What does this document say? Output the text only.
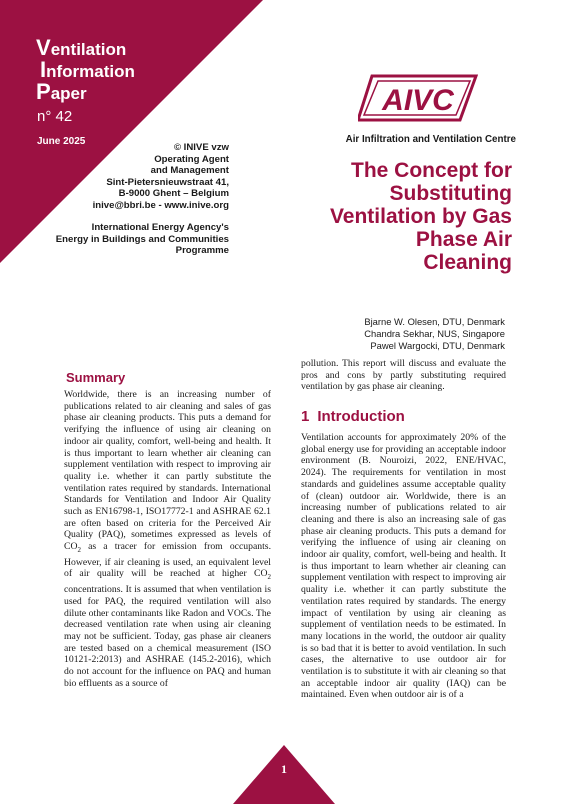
Ventilation
Information
Paper
n° 42
June 2025
© INIVE vzw
Operating Agent
and Management
Sint-Pietersnieuwstraat 41,
B-9000 Ghent – Belgium
inive@bbri.be - www.inive.org
International Energy Agency's
Energy in Buildings and Communities
Programme
AIVC
Air Infiltration and Ventilation Centre
The Concept for
Substituting
Ventilation by Gas
Phase Air
Cleaning
Bjarne W. Olesen, DTU, Denmark
Chandra Sekhar, NUS, Singapore
Pawel Wargocki, DTU, Denmark
Summary
Worldwide, there is an increasing number of publications related to air cleaning and sales of gas phase air cleaning products. This puts a demand for verifying the influence of using air cleaning on indoor air quality, comfort, well-being and health. It is thus important to learn whether air cleaning can supplement ventilation with respect to improving air quality i.e. whether it can partly substitute the ventilation rates required by standards. International Standards for Ventilation and Indoor Air Quality such as EN16798-1, ISO17772-1 and ASHRAE 62.1 are often based on criteria for the Perceived Air Quality (PAQ), sometimes expressed as levels of $CO_2$ as a tracer for emission from occupants. However, if air cleaning is used, an equivalent level of air quality will be reached at higher $CO_2$ concentrations. It is assumed that when ventilation is used for PAQ, the required ventilation will also dilute other contaminants like Radon and VOCs. The decreased ventilation rate when using air cleaning may not be sufficient. Today, gas phase air cleaners are tested based on a chemical measurement (ISO 10121-2:2013) and ASHRAE (145.2-2016), which do not account for the influence on PAQ and human bio effluents as a source of
pollution. This report will discuss and evaluate the pros and cons by partly substituting required ventilation by gas phase air cleaning.
1 Introduction
Ventilation accounts for approximately 20% of the global energy use for providing an acceptable indoor environment (B. Nouroizi, 2022, ENE/HVAC, 2024). The requirements for ventilation in most standards and guidelines assume acceptable quality of (clean) outdoor air. Worldwide, there is an increasing number of publications related to air cleaning and there is also an increasing sale of gas phase air cleaning products. This puts a demand for verifying the influence of using air cleaning on indoor air quality, comfort, well-being and health. It is thus important to learn whether air cleaning can supplement ventilation with respect to improving air quality i.e. whether it can partly substitute the ventilation rates required by standards. The energy impact of ventilation by using air cleaning as supplement of ventilation needs to be estimated. In many locations in the world, the outdoor air quality is so bad that it is better to avoid ventilation. In such cases, the alternative to use outdoor air for ventilation is to substitute it with air cleaning so that an acceptable indoor air quality (IAQ) can be maintained. Even when outdoor air is of a
1
